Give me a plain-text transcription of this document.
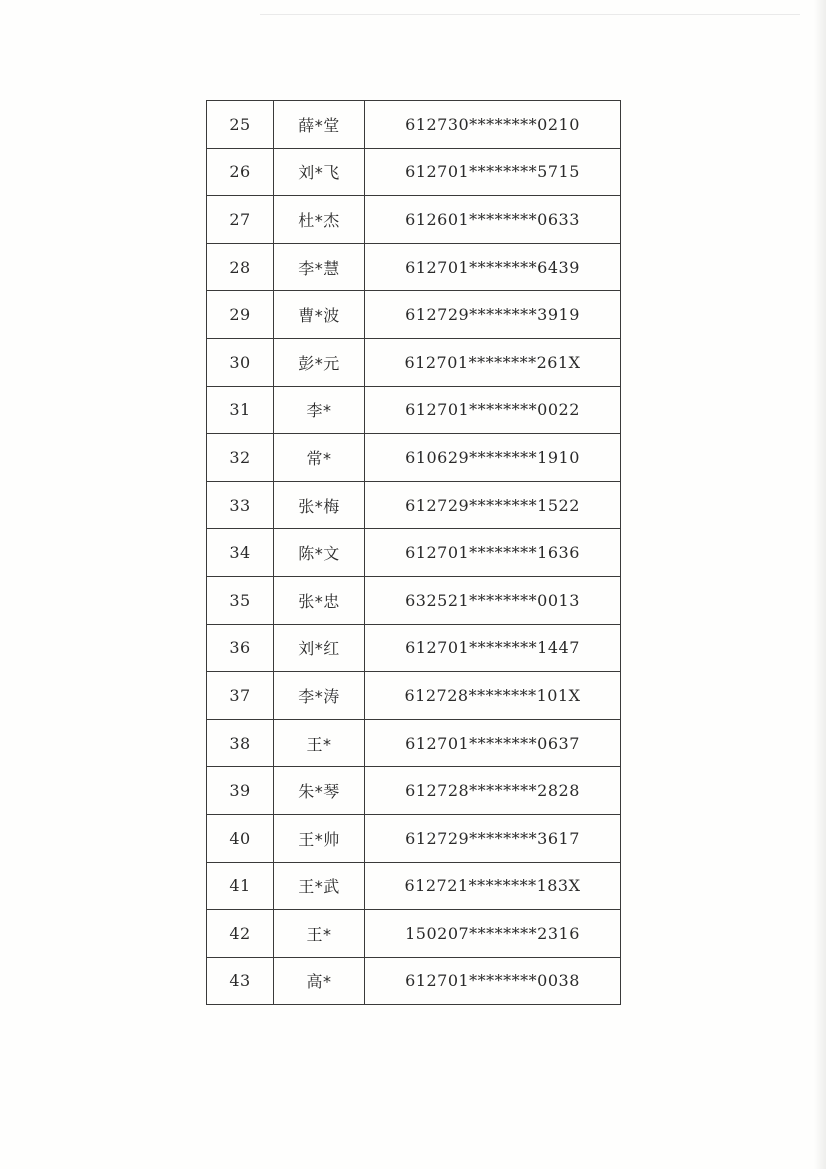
25	薛*堂	612730********0210
26	刘*飞	612701********5715
27	杜*杰	612601********0633
28	李*慧	612701********6439
29	曹*波	612729********3919
30	彭*元	612701********261X
31	李*	612701********0022
32	常*	610629********1910
33	张*梅	612729********1522
34	陈*文	612701********1636
35	张*忠	632521********0013
36	刘*红	612701********1447
37	李*涛	612728********101X
38	王*	612701********0637
39	朱*琴	612728********2828
40	王*帅	612729********3617
41	王*武	612721********183X
42	王*	150207********2316
43	高*	612701********0038
